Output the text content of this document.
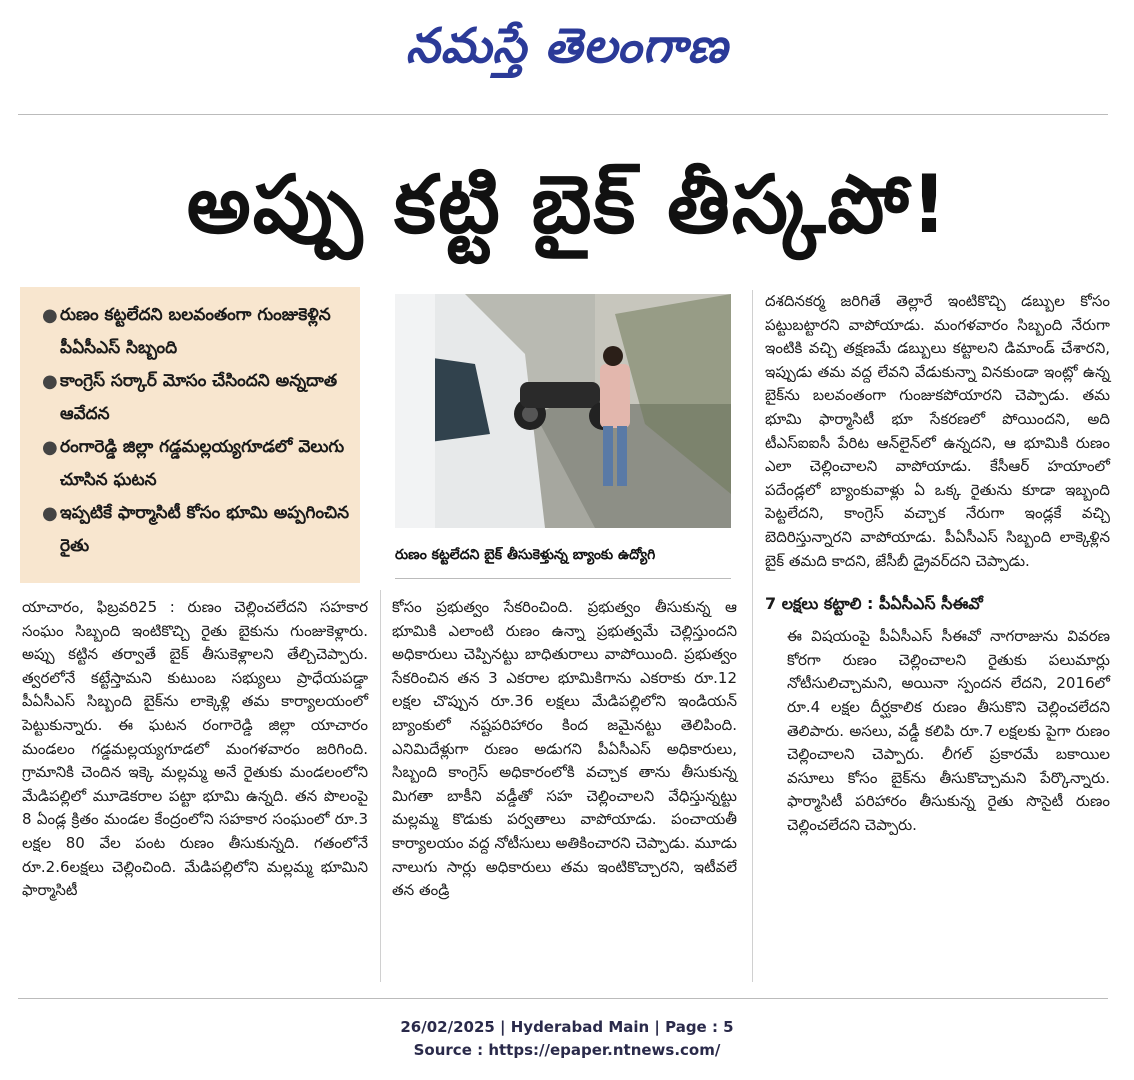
నమస్తే తెలంగాణ
అప్పు కట్టి బైక్ తీస్కపో!
● రుణం కట్టలేదని బలవంతంగా గుంజుకెళ్లిన పీఏసీఎస్ సిబ్బంది
● కాంగ్రెస్ సర్కార్ మోసం చేసిందని అన్నదాత ఆవేదన
● రంగారెడ్డి జిల్లా గడ్డమల్లయ్యగూడలో వెలుగు చూసిన ఘటన
● ఇప్పటికే ఫార్మాసిటీ కోసం భూమి అప్పగించిన రైతు	రుణం కట్టలేదని బైక్ తీసుకెళ్తున్న బ్యాంకు ఉద్యోగి

యాచారం, ఫిబ్రవరి25 : రుణం చెల్లించలేదని సహకార సంఘం సిబ్బంది ఇంటికొచ్చి రైతు బైకును గుంజుకెళ్లారు. అప్పు కట్టిన తర్వాతే బైక్ తీసుకెళ్లాలని తేల్చిచెప్పారు. త్వరలోనే కట్టేస్తామని కుటుంబ సభ్యులు ప్రాధేయపడ్డా పీఏసీఎస్ సిబ్బంది బైక్‌ను లాక్కెళ్లి తమ కార్యాలయంలో పెట్టుకున్నారు. ఈ ఘటన రంగారెడ్డి జిల్లా యాచారం మండలం గడ్డమల్లయ్యగూడలో మంగళవారం జరిగింది. గ్రామానికి చెందిన ఇక్కె మల్లమ్మ అనే రైతుకు మండలంలోని మేడిపల్లిలో మూడెకరాల పట్టా భూమి ఉన్నది. తన పొలంపై 8 ఏండ్ల క్రితం మండల కేంద్రంలోని సహకార సంఘంలో రూ.3 లక్షల 80 వేల పంట రుణం తీసుకున్నది. గతంలోనే రూ.2.6లక్షలు చెల్లించింది. మేడిపల్లిలోని మల్లమ్మ భూమిని ఫార్మాసిటీ

కోసం ప్రభుత్వం సేకరించింది. ప్రభుత్వం తీసుకున్న ఆ భూమికి ఎలాంటి రుణం ఉన్నా ప్రభుత్వమే చెల్లిస్తుందని అధికారులు చెప్పినట్టు బాధితురాలు వాపోయింది. ప్రభుత్వం సేకరించిన తన 3 ఎకరాల భూమికిగాను ఎకరాకు రూ.12 లక్షల చొప్పున రూ.36 లక్షలు మేడిపల్లిలోని ఇండియన్ బ్యాంకులో నష్టపరిహారం కింద జమైనట్టు తెలిపింది. ఎనిమిదేళ్లుగా రుణం అడుగని పీఏసీఎస్ అధికారులు, సిబ్బంది కాంగ్రెస్ అధికారంలోకి వచ్చాక తాను తీసుకున్న మిగతా బాకీని వడ్డీతో సహ చెల్లించాలని వేధిస్తున్నట్టు మల్లమ్మ కొడుకు పర్వతాలు వాపోయాడు. పంచాయతీ కార్యాలయం వద్ద నోటీసులు అతికించారని చెప్పాడు. మూడు నాలుగు సార్లు అధికారులు తమ ఇంటికొచ్చారని, ఇటీవలే తన తండ్రి

దశదినకర్మ జరిగితే తెల్లారే ఇంటికొచ్చి డబ్బుల కోసం పట్టుబట్టారని వాపోయాడు. మంగళవారం సిబ్బంది నేరుగా ఇంటికి వచ్చి తక్షణమే డబ్బులు కట్టాలని డిమాండ్ చేశారని, ఇప్పుడు తమ వద్ద లేవని వేడుకున్నా వినకుండా ఇంట్లో ఉన్న బైక్‌ను బలవంతంగా గుంజుకపోయారని చెప్పాడు. తమ భూమి ఫార్మాసిటీ భూ సేకరణలో పోయిందని, అది టీఎస్ఐఐసీ పేరిట ఆన్‌లైన్‌లో ఉన్నదని, ఆ భూమికి రుణం ఎలా చెల్లించాలని వాపోయాడు. కేసీఆర్ హయాంలో పదేండ్లలో బ్యాంకువాళ్లు ఏ ఒక్క రైతును కూడా ఇబ్బంది పెట్టలేదని, కాంగ్రెస్ వచ్చాక నేరుగా ఇండ్లకే వచ్చి బెదిరిస్తున్నారని వాపోయాడు. పీఏసీఎస్ సిబ్బంది లాక్కెళ్లిన బైక్ తమది కాదని, జేసీబీ డ్రైవర్‌దని చెప్పాడు.

7 లక్షలు కట్టాలి : పీఏసీఎస్ సీఈవో

ఈ విషయంపై పీఏసీఎస్ సీఈవో నాగరాజును వివరణ కోరగా రుణం చెల్లించాలని రైతుకు పలుమార్లు నోటీసులిచ్చామని, అయినా స్పందన లేదని, 2016లో రూ.4 లక్షల దీర్ఘకాలిక రుణం తీసుకొని చెల్లించలేదని తెలిపారు. అసలు, వడ్డీ కలిపి రూ.7 లక్షలకు పైగా రుణం చెల్లించాలని చెప్పారు. లీగల్ ప్రకారమే బకాయిల వసూలు కోసం బైక్‌ను తీసుకొచ్చామని పేర్కొన్నారు. ఫార్మాసిటీ పరిహారం తీసుకున్న రైతు సొసైటీ రుణం చెల్లించలేదని చెప్పారు.

26/02/2025 | Hyderabad Main | Page : 5
Source : https://epaper.ntnews.com/
